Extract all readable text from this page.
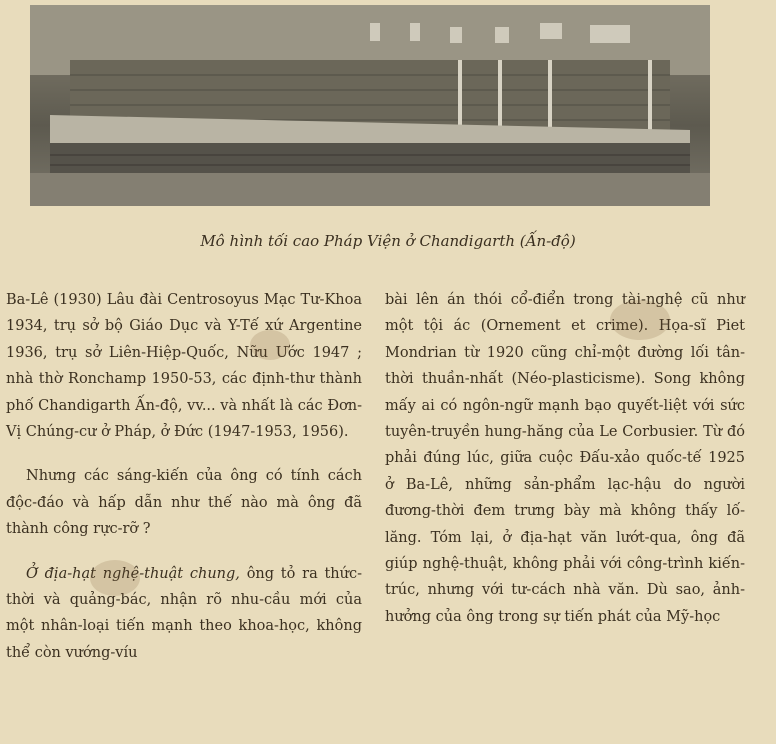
Mô hình tối cao Pháp Viện ở Chandigarth (Ấn-độ)

Ba-Lê (1930) Lâu đài Centrosoyus Mạc Tư-Khoa 1934, trụ sở bộ Giáo Dục và Y-Tế xứ Argentine 1936, trụ sở Liên-Hiệp-Quốc, Nữu Ước 1947 ; nhà thờ Ronchamp 1950-53, các định-thư thành phố Chandigarth Ấn-độ, vv... và nhất là các Đơn-Vị Chúng-cư ở Pháp, ở Đức (1947-1953, 1956).

Nhưng các sáng-kiến của ông có tính cách độc-đáo và hấp dẫn như thế nào mà ông đã thành công rực-rỡ ?

Ở địa-hạt nghệ-thuật chung, ông tỏ ra thức-thời và quảng-bác, nhận rõ nhu-cầu mới của một nhân-loại tiến mạnh theo khoa-học, không thể còn vướng-víu

bài lên án thói cổ-điển trong tài-nghệ cũ như một tội ác (Ornement et crime). Họa-sĩ Piet Mondrian từ 1920 cũng chỉ-một đường lối tân-thời thuần-nhất (Néo-plasticisme). Song không mấy ai có ngôn-ngữ mạnh bạo quyết-liệt với sức tuyên-truyền hung-hăng của Le Corbusier. Từ đó phải đúng lúc, giữa cuộc Đấu-xảo quốc-tế 1925 ở Ba-Lê, những sản-phẩm lạc-hậu do người đương-thời đem trưng bày mà không thấy lố-lăng. Tóm lại, ở địa-hạt văn lướt-qua, ông đã giúp nghệ-thuật, không phải với công-trình kiến-trúc, nhưng với tư-cách nhà văn. Dù sao, ảnh-hưởng của ông trong sự tiến phát của Mỹ-học
